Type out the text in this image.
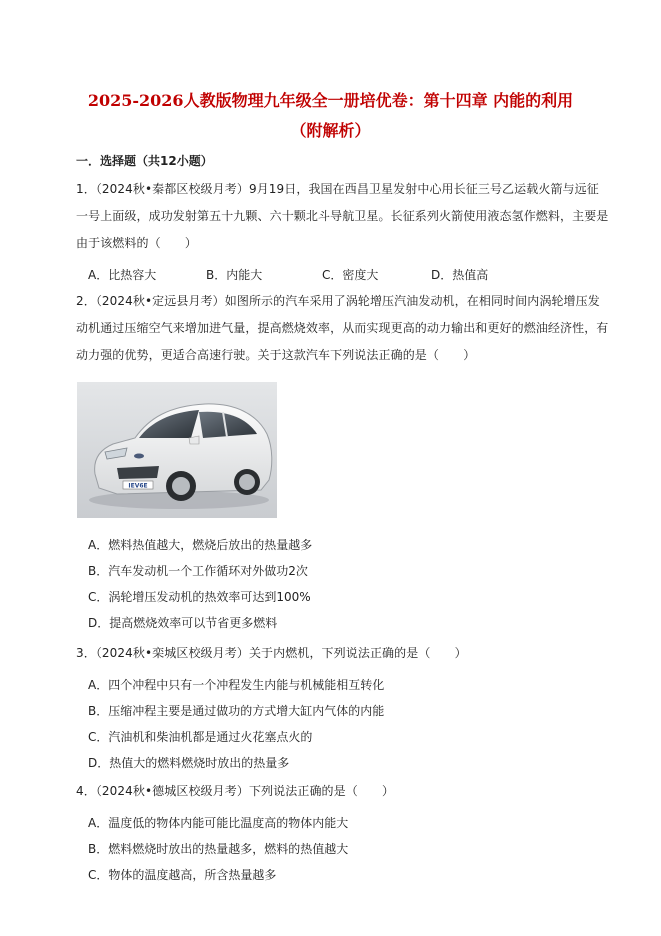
2025-2026人教版物理九年级全一册培优卷：第十四章 内能的利用
（附解析）
一．选择题（共12小题）
1．（2024秋•秦都区校级月考）9月19日，我国在西昌卫星发射中心用长征三号乙运载火箭与远征
一号上面级，成功发射第五十九颗、六十颗北斗导航卫星。长征系列火箭使用液态氢作燃料，主要是
由于该燃料的（　　）
A．比热容大	B．内能大	C．密度大	D．热值高
2．（2024秋•定远县月考）如图所示的汽车采用了涡轮增压汽油发动机，在相同时间内涡轮增压发
动机通过压缩空气来增加进气量，提高燃烧效率，从而实现更高的动力输出和更好的燃油经济性，有
动力强的优势，更适合高速行驶。关于这款汽车下列说法正确的是（　　）
IEV6E
A．燃料热值越大，燃烧后放出的热量越多
B．汽车发动机一个工作循环对外做功2次
C．涡轮增压发动机的热效率可达到100%
D．提高燃烧效率可以节省更多燃料
3．（2024秋•栾城区校级月考）关于内燃机，下列说法正确的是（　　）
A．四个冲程中只有一个冲程发生内能与机械能相互转化
B．压缩冲程主要是通过做功的方式增大缸内气体的内能
C．汽油机和柴油机都是通过火花塞点火的
D．热值大的燃料燃烧时放出的热量多
4．（2024秋•德城区校级月考）下列说法正确的是（　　）
A．温度低的物体内能可能比温度高的物体内能大
B．燃料燃烧时放出的热量越多，燃料的热值越大
C．物体的温度越高，所含热量越多
